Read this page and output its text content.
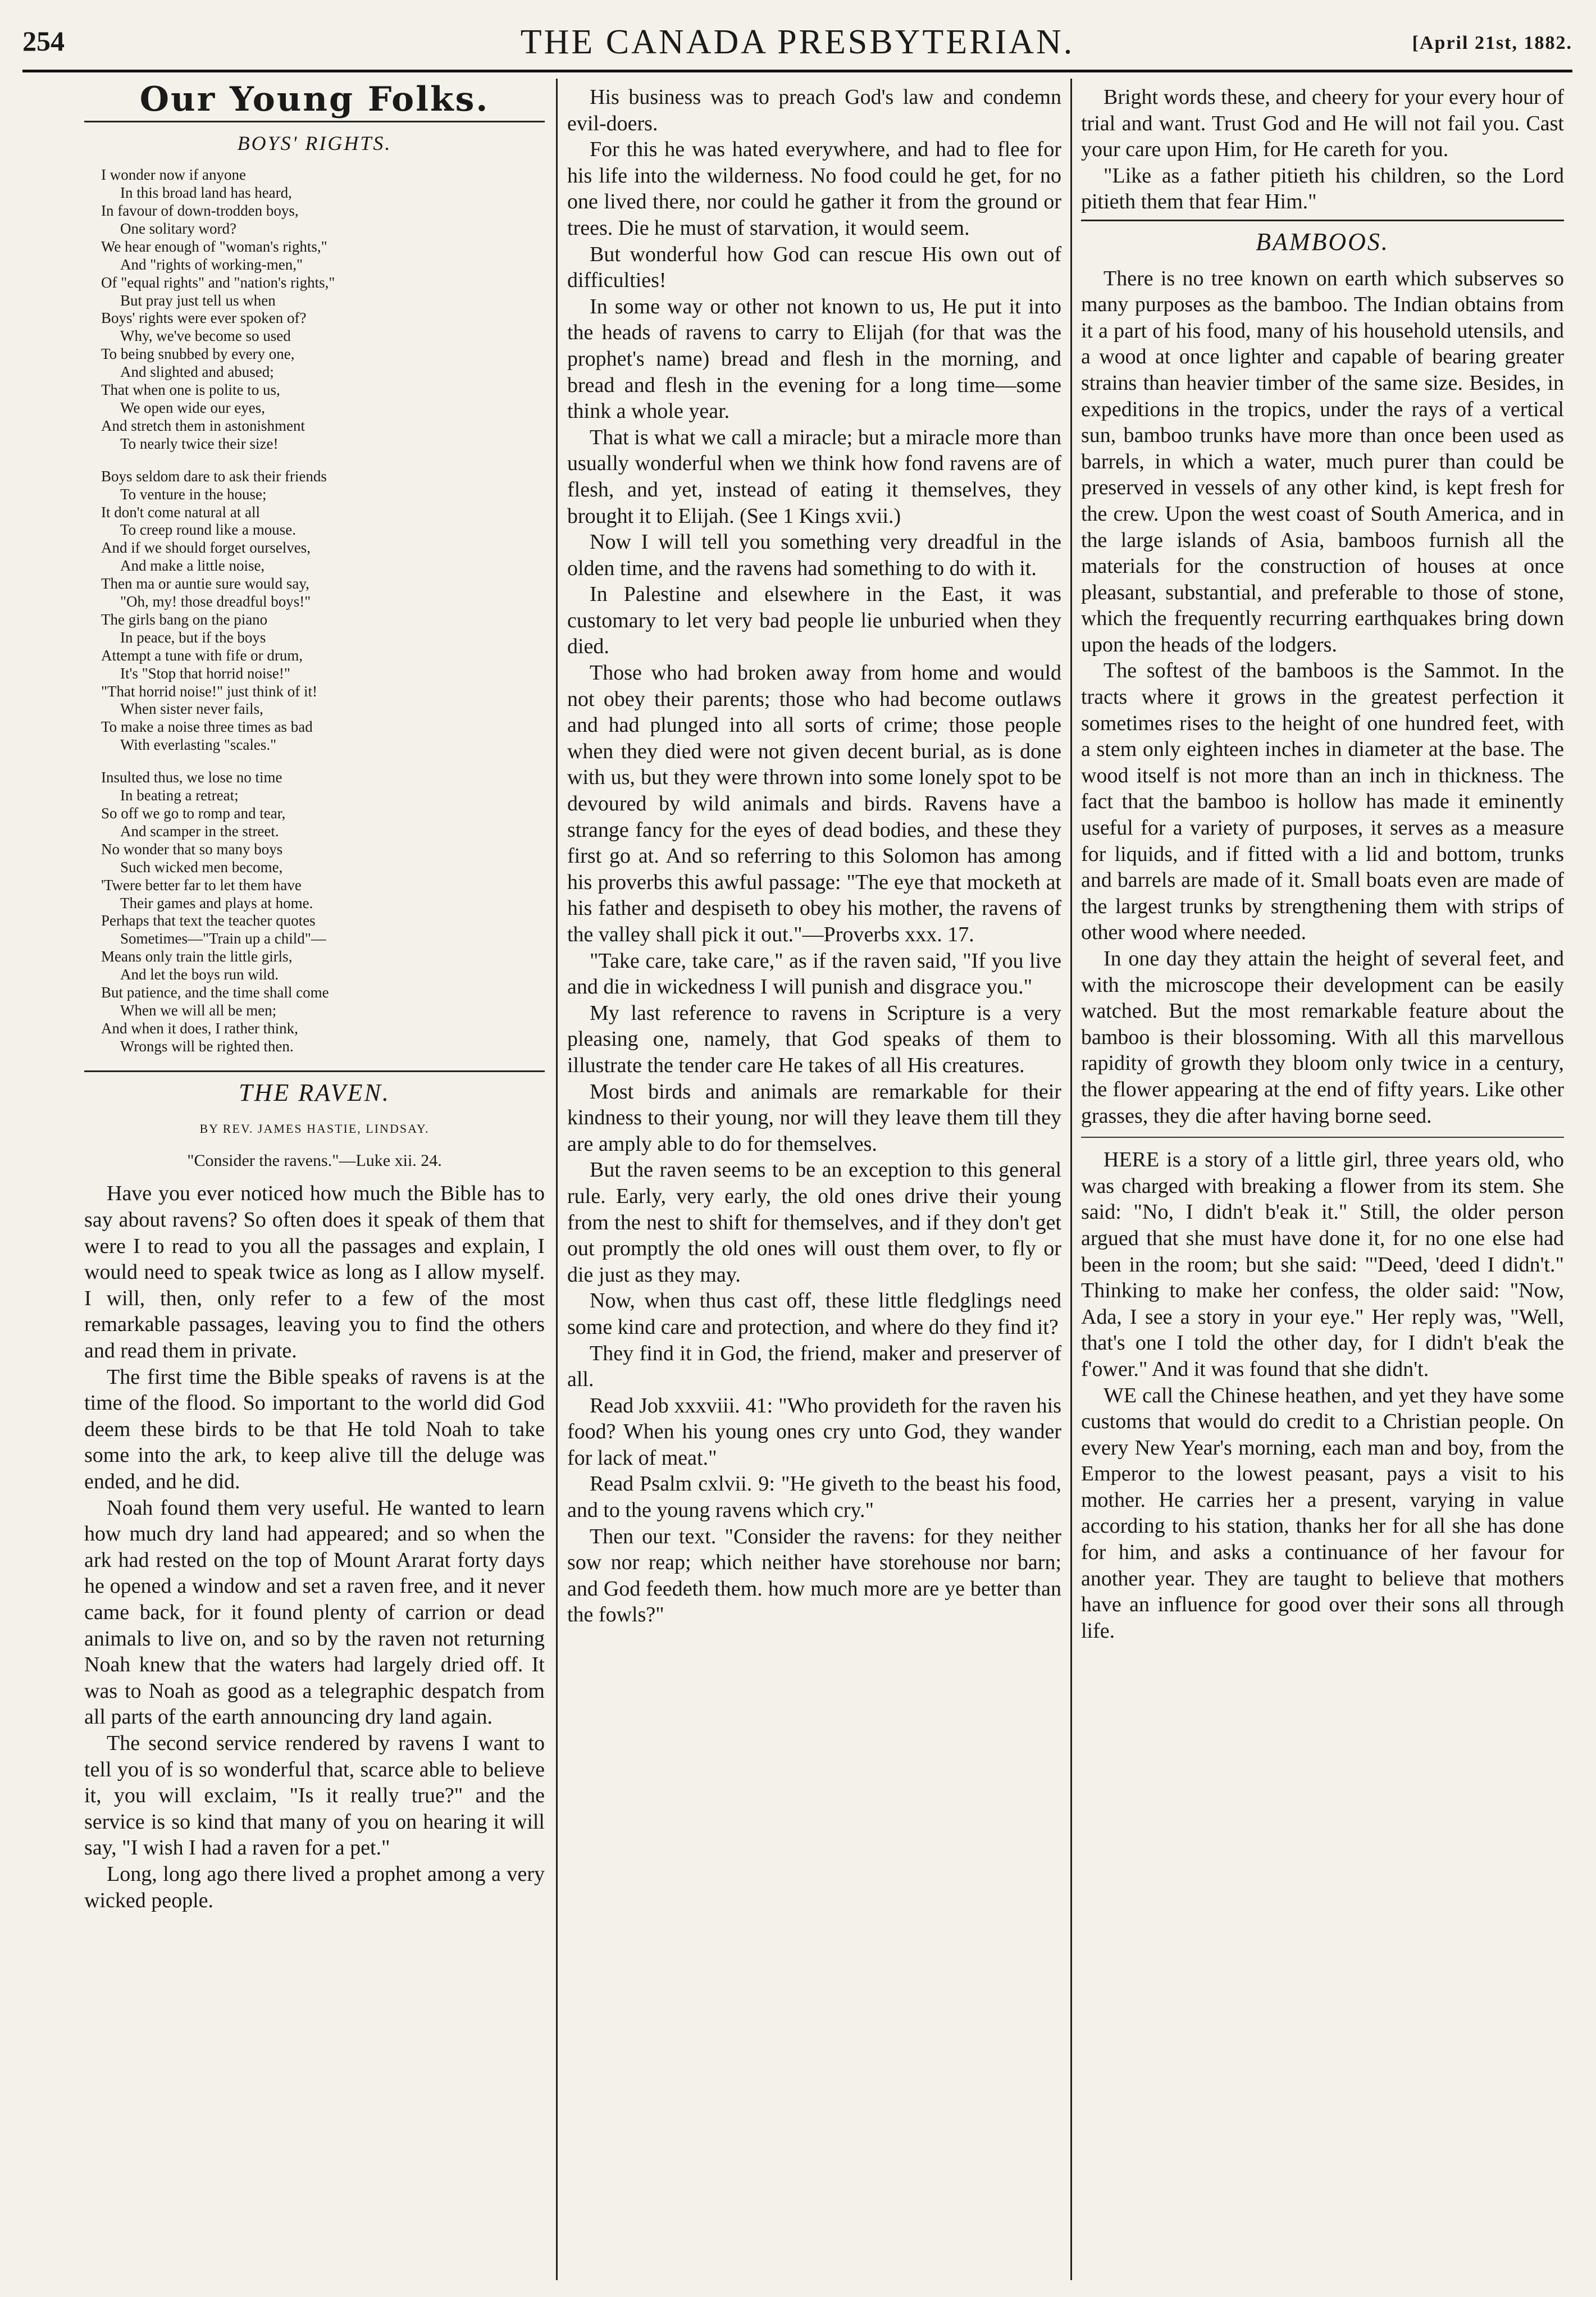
254	THE CANADA PRESBYTERIAN.	[April 21st, 1882.
Our Young Folks.
BOYS' RIGHTS.
I wonder now if anyone
In this broad land has heard,
In favour of down-trodden boys,
One solitary word?
We hear enough of "woman's rights,"
And "rights of working-men,"
Of "equal rights" and "nation's rights,"
But pray just tell us when
Boys' rights were ever spoken of?
Why, we've become so used
To being snubbed by every one,
And slighted and abused;
That when one is polite to us,
We open wide our eyes,
And stretch them in astonishment
To nearly twice their size!
Boys seldom dare to ask their friends
To venture in the house;
It don't come natural at all
To creep round like a mouse.
And if we should forget ourselves,
And make a little noise,
Then ma or auntie sure would say,
"Oh, my! those dreadful boys!"
The girls bang on the piano
In peace, but if the boys
Attempt a tune with fife or drum,
It's "Stop that horrid noise!"
"That horrid noise!" just think of it!
When sister never fails,
To make a noise three times as bad
With everlasting "scales."
Insulted thus, we lose no time
In beating a retreat;
So off we go to romp and tear,
And scamper in the street.
No wonder that so many boys
Such wicked men become,
'Twere better far to let them have
Their games and plays at home.
Perhaps that text the teacher quotes
Sometimes—"Train up a child"—
Means only train the little girls,
And let the boys run wild.
But patience, and the time shall come
When we will all be men;
And when it does, I rather think,
Wrongs will be righted then.
THE RAVEN.
BY REV. JAMES HASTIE, LINDSAY.
"Consider the ravens."—Luke xii. 24.

Have you ever noticed how much the Bible has to say about ravens? So often does it speak of them that were I to read to you all the passages and explain, I would need to speak twice as long as I allow myself. I will, then, only refer to a few of the most remarkable passages, leaving you to find the others and read them in private.

The first time the Bible speaks of ravens is at the time of the flood. So important to the world did God deem these birds to be that He told Noah to take some into the ark, to keep alive till the deluge was ended, and he did.

Noah found them very useful. He wanted to learn how much dry land had appeared; and so when the ark had rested on the top of Mount Ararat forty days he opened a window and set a raven free, and it never came back, for it found plenty of carrion or dead animals to live on, and so by the raven not returning Noah knew that the waters had largely dried off. It was to Noah as good as a telegraphic despatch from all parts of the earth announcing dry land again.

The second service rendered by ravens I want to tell you of is so wonderful that, scarce able to believe it, you will exclaim, "Is it really true?" and the service is so kind that many of you on hearing it will say, "I wish I had a raven for a pet."

Long, long ago there lived a prophet among a very wicked people.

His business was to preach God's law and condemn evil-doers.

For this he was hated everywhere, and had to flee for his life into the wilderness. No food could he get, for no one lived there, nor could he gather it from the ground or trees. Die he must of starvation, it would seem.

But wonderful how God can rescue His own out of difficulties!

In some way or other not known to us, He put it into the heads of ravens to carry to Elijah (for that was the prophet's name) bread and flesh in the morning, and bread and flesh in the evening for a long time—some think a whole year.

That is what we call a miracle; but a miracle more than usually wonderful when we think how fond ravens are of flesh, and yet, instead of eating it themselves, they brought it to Elijah. (See 1 Kings xvii.)

Now I will tell you something very dreadful in the olden time, and the ravens had something to do with it.

In Palestine and elsewhere in the East, it was customary to let very bad people lie unburied when they died.

Those who had broken away from home and would not obey their parents; those who had become outlaws and had plunged into all sorts of crime; those people when they died were not given decent burial, as is done with us, but they were thrown into some lonely spot to be devoured by wild animals and birds. Ravens have a strange fancy for the eyes of dead bodies, and these they first go at. And so referring to this Solomon has among his proverbs this awful passage: "The eye that mocketh at his father and despiseth to obey his mother, the ravens of the valley shall pick it out."—Proverbs xxx. 17.

"Take care, take care," as if the raven said, "If you live and die in wickedness I will punish and disgrace you."

My last reference to ravens in Scripture is a very pleasing one, namely, that God speaks of them to illustrate the tender care He takes of all His creatures.

Most birds and animals are remarkable for their kindness to their young, nor will they leave them till they are amply able to do for themselves.

But the raven seems to be an exception to this general rule. Early, very early, the old ones drive their young from the nest to shift for themselves, and if they don't get out promptly the old ones will oust them over, to fly or die just as they may.

Now, when thus cast off, these little fledglings need some kind care and protection, and where do they find it?

They find it in God, the friend, maker and preserver of all.

Read Job xxxviii. 41: "Who provideth for the raven his food? When his young ones cry unto God, they wander for lack of meat."

Read Psalm cxlvii. 9: "He giveth to the beast his food, and to the young ravens which cry."

Then our text. "Consider the ravens: for they neither sow nor reap; which neither have storehouse nor barn; and God feedeth them. how much more are ye better than the fowls?"

Bright words these, and cheery for your every hour of trial and want. Trust God and He will not fail you. Cast your care upon Him, for He careth for you.

"Like as a father pitieth his children, so the Lord pitieth them that fear Him."

BAMBOOS.

There is no tree known on earth which subserves so many purposes as the bamboo. The Indian obtains from it a part of his food, many of his household utensils, and a wood at once lighter and capable of bearing greater strains than heavier timber of the same size. Besides, in expeditions in the tropics, under the rays of a vertical sun, bamboo trunks have more than once been used as barrels, in which a water, much purer than could be preserved in vessels of any other kind, is kept fresh for the crew. Upon the west coast of South America, and in the large islands of Asia, bamboos furnish all the materials for the construction of houses at once pleasant, substantial, and preferable to those of stone, which the frequently recurring earthquakes bring down upon the heads of the lodgers.

The softest of the bamboos is the Sammot. In the tracts where it grows in the greatest perfection it sometimes rises to the height of one hundred feet, with a stem only eighteen inches in diameter at the base. The wood itself is not more than an inch in thickness. The fact that the bamboo is hollow has made it eminently useful for a variety of purposes, it serves as a measure for liquids, and if fitted with a lid and bottom, trunks and barrels are made of it. Small boats even are made of the largest trunks by strengthening them with strips of other wood where needed.

In one day they attain the height of several feet, and with the microscope their development can be easily watched. But the most remarkable feature about the bamboo is their blossoming. With all this marvellous rapidity of growth they bloom only twice in a century, the flower appearing at the end of fifty years. Like other grasses, they die after having borne seed.

HERE is a story of a little girl, three years old, who was charged with breaking a flower from its stem. She said: "No, I didn't b'eak it." Still, the older person argued that she must have done it, for no one else had been in the room; but she said: "'Deed, 'deed I didn't." Thinking to make her confess, the older said: "Now, Ada, I see a story in your eye." Her reply was, "Well, that's one I told the other day, for I didn't b'eak the f'ower." And it was found that she didn't.

WE call the Chinese heathen, and yet they have some customs that would do credit to a Christian people. On every New Year's morning, each man and boy, from the Emperor to the lowest peasant, pays a visit to his mother. He carries her a present, varying in value according to his station, thanks her for all she has done for him, and asks a continuance of her favour for another year. They are taught to believe that mothers have an influence for good over their sons all through life.
